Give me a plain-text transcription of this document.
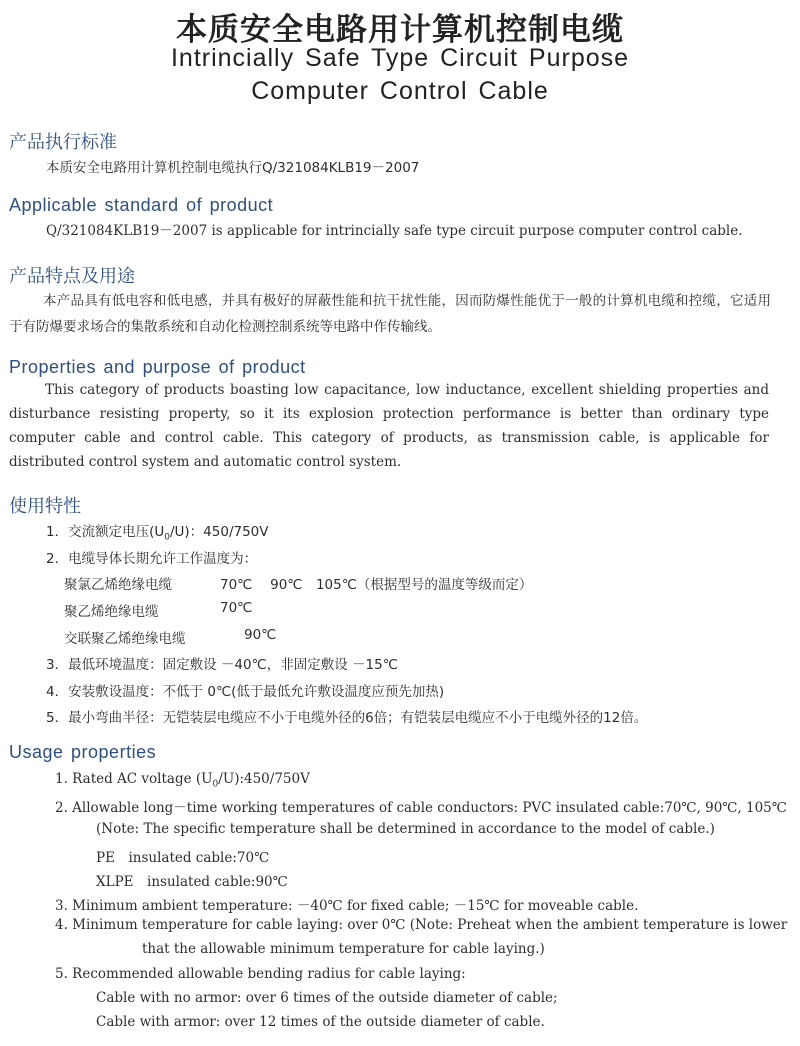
本质安全电路用计算机控制电缆
Intrincially Safe Type Circuit Purpose
Computer Control Cable
产品执行标准
本质安全电路用计算机控制电缆执行Q/321084KLB19－2007
Applicable standard of product
Q/321084KLB19－2007 is applicable for intrincially safe type circuit purpose computer control cable.
产品特点及用途
本产品具有低电容和低电感，并具有极好的屏蔽性能和抗干扰性能，因而防爆性能优于一般的计算机电缆和控缆，它适用于有防爆要求场合的集散系统和自动化检测控制系统等电路中作传输线。
Properties and purpose of product
This category of products boasting low capacitance, low inductance, excellent shielding properties and disturbance resisting property, so it its explosion protection performance is better than ordinary type computer cable and control cable. This category of products, as transmission cable, is applicable for distributed control system and automatic control system.
使用特性
1．交流额定电压$(U_0/U)$：450/750V
2．电缆导体长期允许工作温度为：
聚氯乙烯绝缘电缆	70℃　 90℃　105℃（根据型号的温度等级而定）
聚乙烯绝缘电缆	70℃
交联聚乙烯绝缘电缆	90℃
3．最低环境温度：固定敷设 －40℃，非固定敷设 －15℃
4．安装敷设温度：不低于 0℃(低于最低允许敷设温度应预先加热)
5．最小弯曲半径：无铠装层电缆应不小于电缆外径的6倍；有铠装层电缆应不小于电缆外径的12倍。
Usage properties
1. Rated AC voltage $(U_0/U):450/750V$
2. Allowable long－time working temperatures of cable conductors: PVC insulated cable:70℃, 90℃, 105℃
(Note: The specific temperature shall be determined in accordance to the model of cable.)
PE　insulated cable:70℃
XLPE　insulated cable:90℃
3. Minimum ambient temperature: －40℃ for fixed cable; －15℃ for moveable cable.
4. Minimum temperature for cable laying: over 0℃ (Note: Preheat when the ambient temperature is lower
that the allowable minimum temperature for cable laying.)
5. Recommended allowable bending radius for cable laying:
Cable with no armor: over 6 times of the outside diameter of cable;
Cable with armor: over 12 times of the outside diameter of cable.
